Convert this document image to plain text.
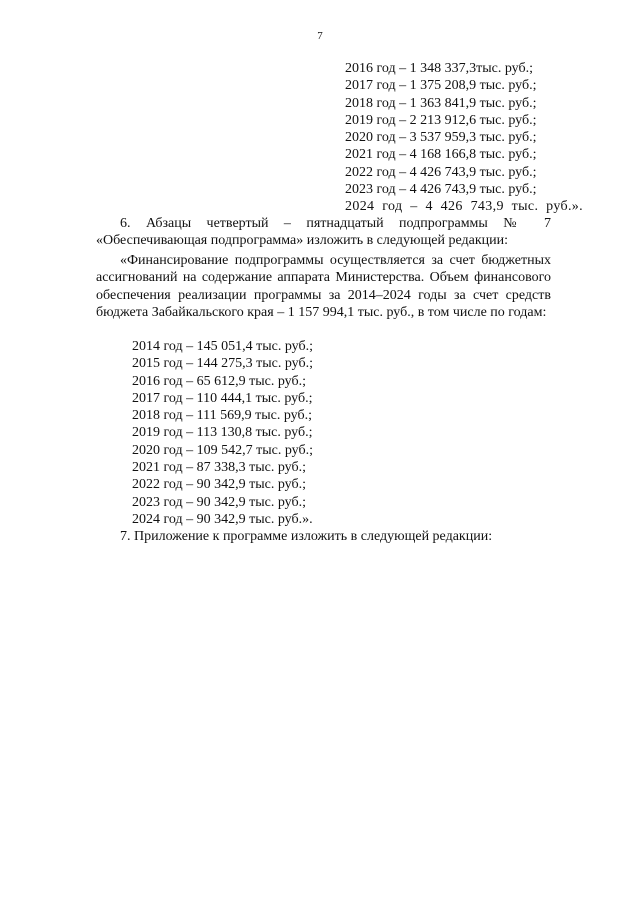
7
2016 год – 1 348 337,3тыс. руб.;
2017 год – 1 375 208,9 тыс. руб.;
2018 год – 1 363 841,9 тыс. руб.;
2019 год – 2 213 912,6 тыс. руб.;
2020 год – 3 537 959,3 тыс. руб.;
2021 год – 4 168 166,8 тыс. руб.;
2022 год – 4 426 743,9 тыс. руб.;
2023 год – 4 426 743,9 тыс. руб.;
2024 год – 4 426 743,9 тыс. руб.».

6. Абзацы четвертый – пятнадцатый подпрограммы № 7 «Обеспечивающая подпрограмма» изложить в следующей редакции:

«Финансирование подпрограммы осуществляется за счет бюджетных ассигнований на содержание аппарата Министерства. Объем финансового обеспечения реализации программы за 2014–2024 годы за счет средств бюджета Забайкальского края – 1 157 994,1 тыс. руб., в том числе по годам:

2014 год – 145 051,4 тыс. руб.;
2015 год – 144 275,3 тыс. руб.;
2016 год – 65 612,9 тыс. руб.;
2017 год – 110 444,1 тыс. руб.;
2018 год – 111 569,9 тыс. руб.;
2019 год – 113 130,8 тыс. руб.;
2020 год – 109 542,7 тыс. руб.;
2021 год – 87 338,3 тыс. руб.;
2022 год – 90 342,9 тыс. руб.;
2023 год – 90 342,9 тыс. руб.;
2024 год – 90 342,9 тыс. руб.».

7. Приложение к программе изложить в следующей редакции:
